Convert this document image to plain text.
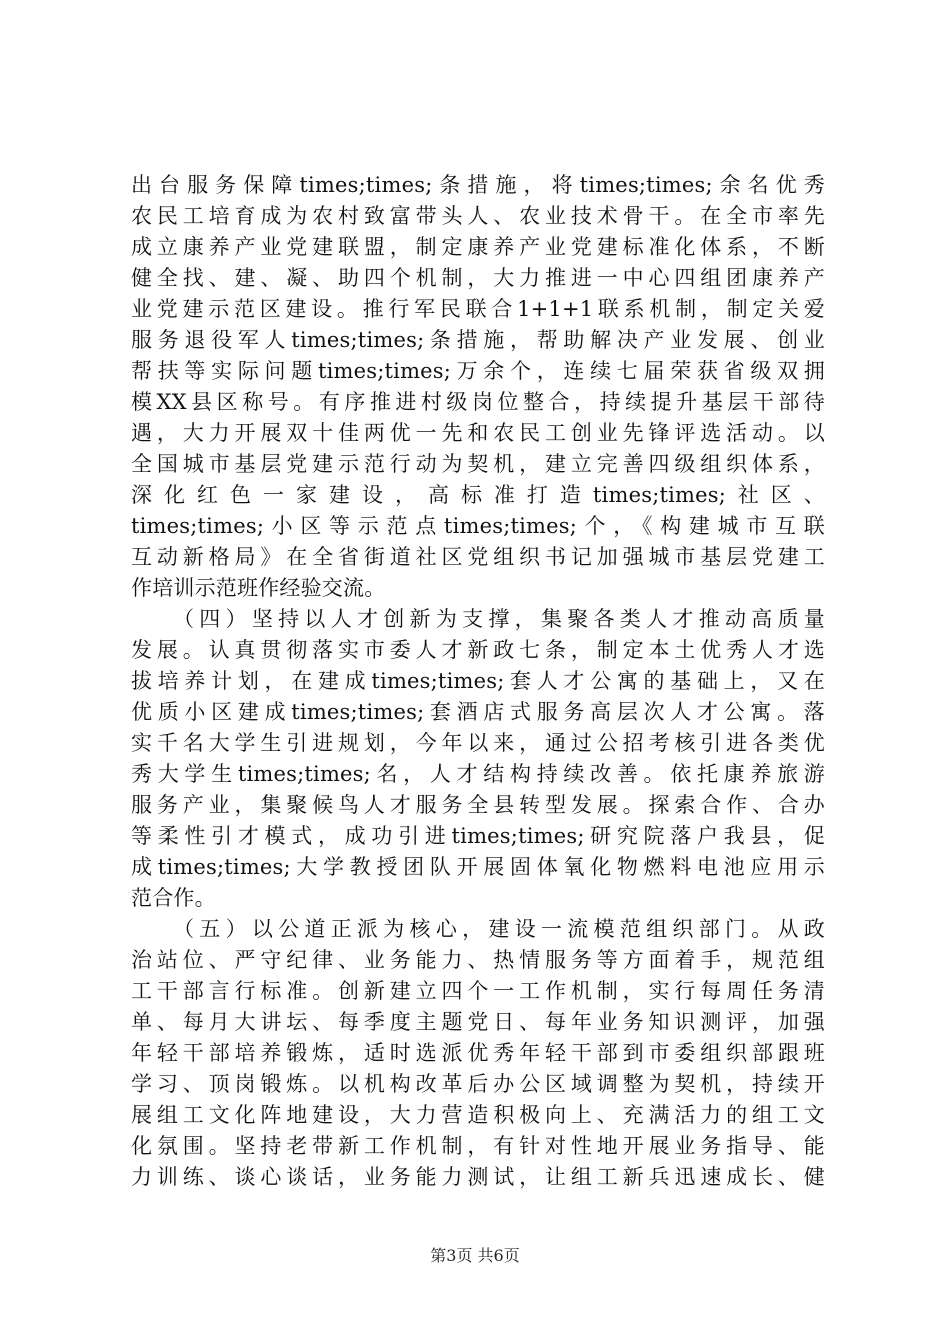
出台服务保障times;times;条措施，将times;times;余名优秀
农民工培育成为农村致富带头人、农业技术骨干。在全市率先
成立康养产业党建联盟，制定康养产业党建标准化体系，不断
健全找、建、凝、助四个机制，大力推进一中心四组团康养产
业党建示范区建设。推行军民联合1+1+1联系机制，制定关爱
服务退役军人times;times;条措施，帮助解决产业发展、创业
帮扶等实际问题times;times;万余个，连续七届荣获省级双拥
模XX县区称号。有序推进村级岗位整合，持续提升基层干部待
遇，大力开展双十佳两优一先和农民工创业先锋评选活动。以
全国城市基层党建示范行动为契机，建立完善四级组织体系，
深化红色一家建设，高标准打造times;times;社区、
times;times;小区等示范点times;times;个，《构建城市互联
互动新格局》在全省街道社区党组织书记加强城市基层党建工
作培训示范班作经验交流。
（四）坚持以人才创新为支撑，集聚各类人才推动高质量
发展。认真贯彻落实市委人才新政七条，制定本土优秀人才选
拔培养计划，在建成times;times;套人才公寓的基础上，又在
优质小区建成times;times;套酒店式服务高层次人才公寓。落
实千名大学生引进规划，今年以来，通过公招考核引进各类优
秀大学生times;times;名，人才结构持续改善。依托康养旅游
服务产业，集聚候鸟人才服务全县转型发展。探索合作、合办
等柔性引才模式，成功引进times;times;研究院落户我县，促
成times;times;大学教授团队开展固体氧化物燃料电池应用示
范合作。
（五）以公道正派为核心，建设一流模范组织部门。从政
治站位、严守纪律、业务能力、热情服务等方面着手，规范组
工干部言行标准。创新建立四个一工作机制，实行每周任务清
单、每月大讲坛、每季度主题党日、每年业务知识测评，加强
年轻干部培养锻炼，适时选派优秀年轻干部到市委组织部跟班
学习、顶岗锻炼。以机构改革后办公区域调整为契机，持续开
展组工文化阵地建设，大力营造积极向上、充满活力的组工文
化氛围。坚持老带新工作机制，有针对性地开展业务指导、能
力训练、谈心谈话，业务能力测试，让组工新兵迅速成长、健
第3页 共6页
